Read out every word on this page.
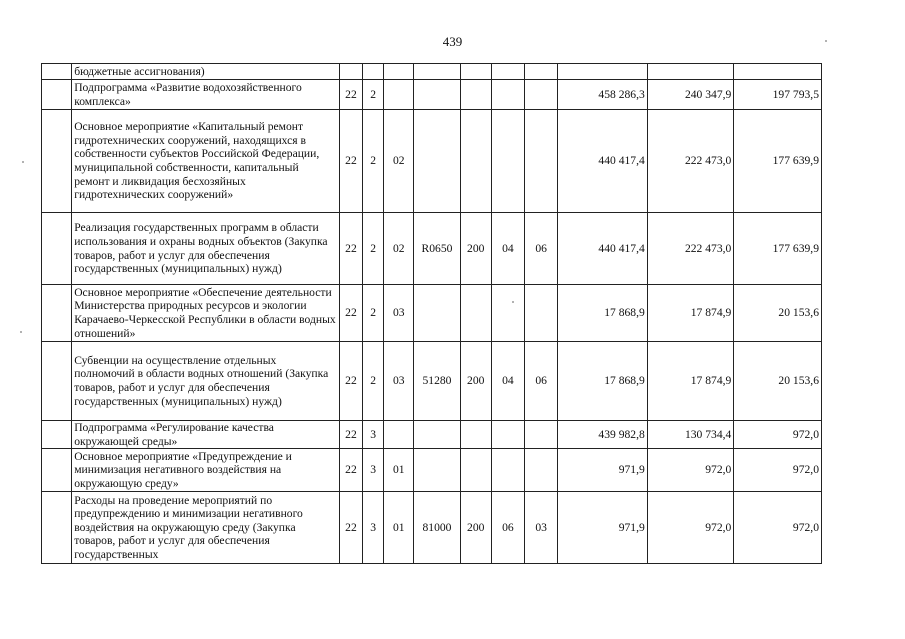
439
	бюджетные ассигнования)										
	Подпрограмма «Развитие водохозяйственного комплекса»	22	2						458 286,3	240 347,9	197 793,5
	Основное мероприятие «Капитальный ремонт гидротехнических сооружений, находящихся в собственности субъектов Российской Федерации, муниципальной собственности, капитальный ремонт и ликвидация бесхозяйных гидротехнических сооружений»	22	2	02					440 417,4	222 473,0	177 639,9
	Реализация государственных программ в области использования и охраны водных объектов (Закупка товаров, работ и услуг для обеспечения государственных (муниципальных) нужд)	22	2	02	R0650	200	04	06	440 417,4	222 473,0	177 639,9
	Основное мероприятие «Обеспечение деятельности Министерства природных ресурсов и экологии Карачаево-Черкесской Республики в области водных отношений»	22	2	03					17 868,9	17 874,9	20 153,6
	Субвенции на осуществление отдельных полномочий в области водных отношений (Закупка товаров, работ и услуг для обеспечения государственных (муниципальных) нужд)	22	2	03	51280	200	04	06	17 868,9	17 874,9	20 153,6
	Подпрограмма «Регулирование качества окружающей среды»	22	3						439 982,8	130 734,4	972,0
	Основное мероприятие «Предупреждение и минимизация негативного воздействия на окружающую среду»	22	3	01					971,9	972,0	972,0
	Расходы на проведение мероприятий по предупреждению и минимизации негативного воздействия на окружающую среду (Закупка товаров, работ и услуг для обеспечения государственных	22	3	01	81000	200	06	03	971,9	972,0	972,0
